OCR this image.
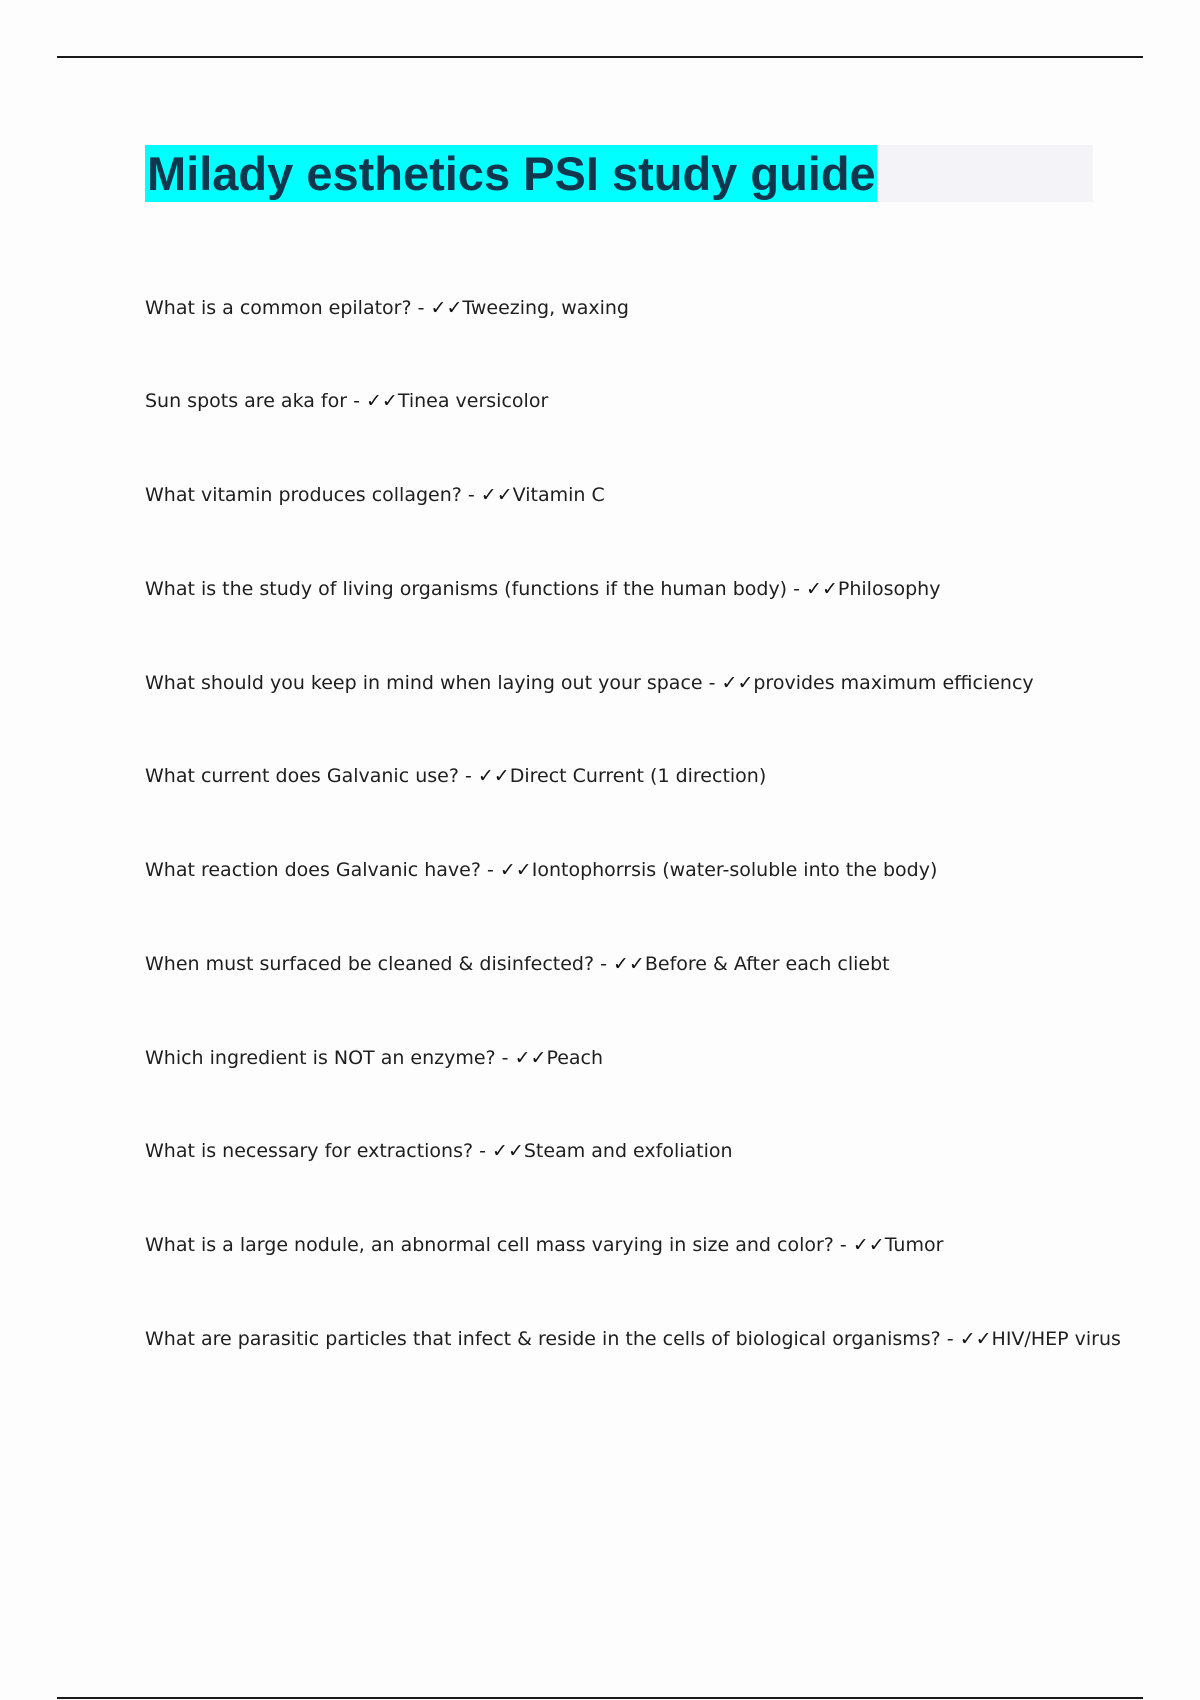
Milady esthetics PSI study guide
What is a common epilator? - ✓✓Tweezing, waxing
Sun spots are aka for - ✓✓Tinea versicolor
What vitamin produces collagen? - ✓✓Vitamin C
What is the study of living organisms (functions if the human body) - ✓✓Philosophy
What should you keep in mind when laying out your space - ✓✓provides maximum efficiency
What current does Galvanic use? - ✓✓Direct Current (1 direction)
What reaction does Galvanic have? - ✓✓Iontophorrsis (water-soluble into the body)
When must surfaced be cleaned & disinfected? - ✓✓Before & After each cliebt
Which ingredient is NOT an enzyme? - ✓✓Peach
What is necessary for extractions? - ✓✓Steam and exfoliation
What is a large nodule, an abnormal cell mass varying in size and color? - ✓✓Tumor
What are parasitic particles that infect & reside in the cells of biological organisms? - ✓✓HIV/HEP virus
